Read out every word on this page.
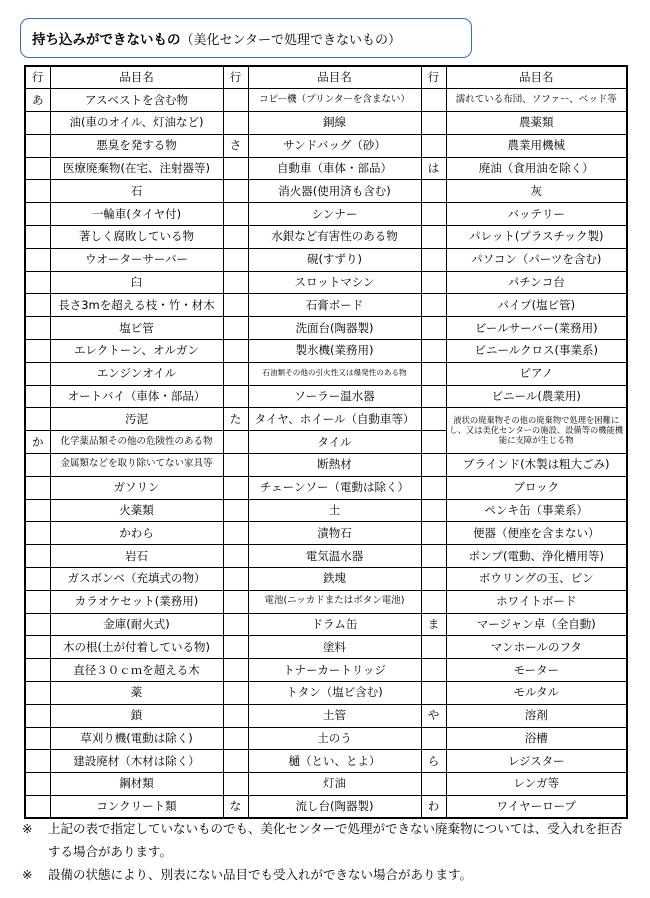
持ち込みができないもの（美化センターで処理できないもの）
行	品目名	行	品目名	行	品目名
あ	アスベストを含む物		コピー機（プリンターを含まない）		濡れている布団、ソファー、ベッド等
	油(車のオイル、灯油など)		銅線		農薬類
	悪臭を発する物	さ	サンドバッグ（砂）		農業用機械
	医療廃棄物(在宅、注射器等)		自動車（車体・部品）	は	廃油（食用油を除く）
	石		消火器(使用済も含む)		灰
	一輪車(タイヤ付)		シンナー		バッテリー
	著しく腐敗している物		水銀など有害性のある物		パレット(プラスチック製)
	ウオーターサーバー		硯(すずり)		パソコン（パーツを含む)
	臼		スロットマシン		パチンコ台
	長さ3mを超える枝・竹・材木		石膏ボード		パイプ(塩ビ管)
	塩ビ管		洗面台(陶器製)		ビールサーバー(業務用)
	エレクトーン、オルガン		製氷機(業務用)		ビニールクロス(事業系)
	エンジンオイル		石油類その他の引火性又は爆発性のある物		ピアノ
	オートバイ（車体・部品）		ソーラー温水器		ビニール(農業用)
	汚泥	た	タイヤ、ホイール（自動車等）		液状の廃棄物その他の廃棄物で処理を困難にし、又は美化センターの施設、設備等の機能機能に支障が生じる物
か	化学薬品類その他の危険性のある物		タイル		
	金属類などを取り除いてない家具等		断熱材		ブラインド(木製は粗大ごみ)
	ガソリン		チェーンソー（電動は除く）		ブロック
	火薬類		土		ペンキ缶（事業系）
	かわら		漬物石		便器（便座を含まない）
	岩石		電気温水器		ポンプ(電動、浄化槽用等)
	ガスボンベ（充填式の物）		鉄塊		ボウリングの玉、ピン
	カラオケセット(業務用)		電池(ニッカドまたはボタン電池)		ホワイトボード
	金庫(耐火式)		ドラム缶	ま	マージャン卓（全自動)
	木の根(土が付着している物)		塗料		マンホールのフタ
	直径３０ｃｍを超える木		トナーカートリッジ		モーター
	薬		トタン（塩ビ含む)		モルタル
	鎖		土管	や	溶剤
	草刈り機(電動は除く)		土のう		浴槽
	建設廃材（木材は除く）		樋（とい、とよ）	ら	レジスター
	鋼材類		灯油		レンガ等
	コンクリート類	な	流し台(陶器製)	わ	ワイヤーロープ
※	上記の表で指定していないものでも、美化センターで処理ができない廃棄物については、受入れを拒否する場合があります。
※	設備の状態により、別表にない品目でも受入れができない場合があります。
